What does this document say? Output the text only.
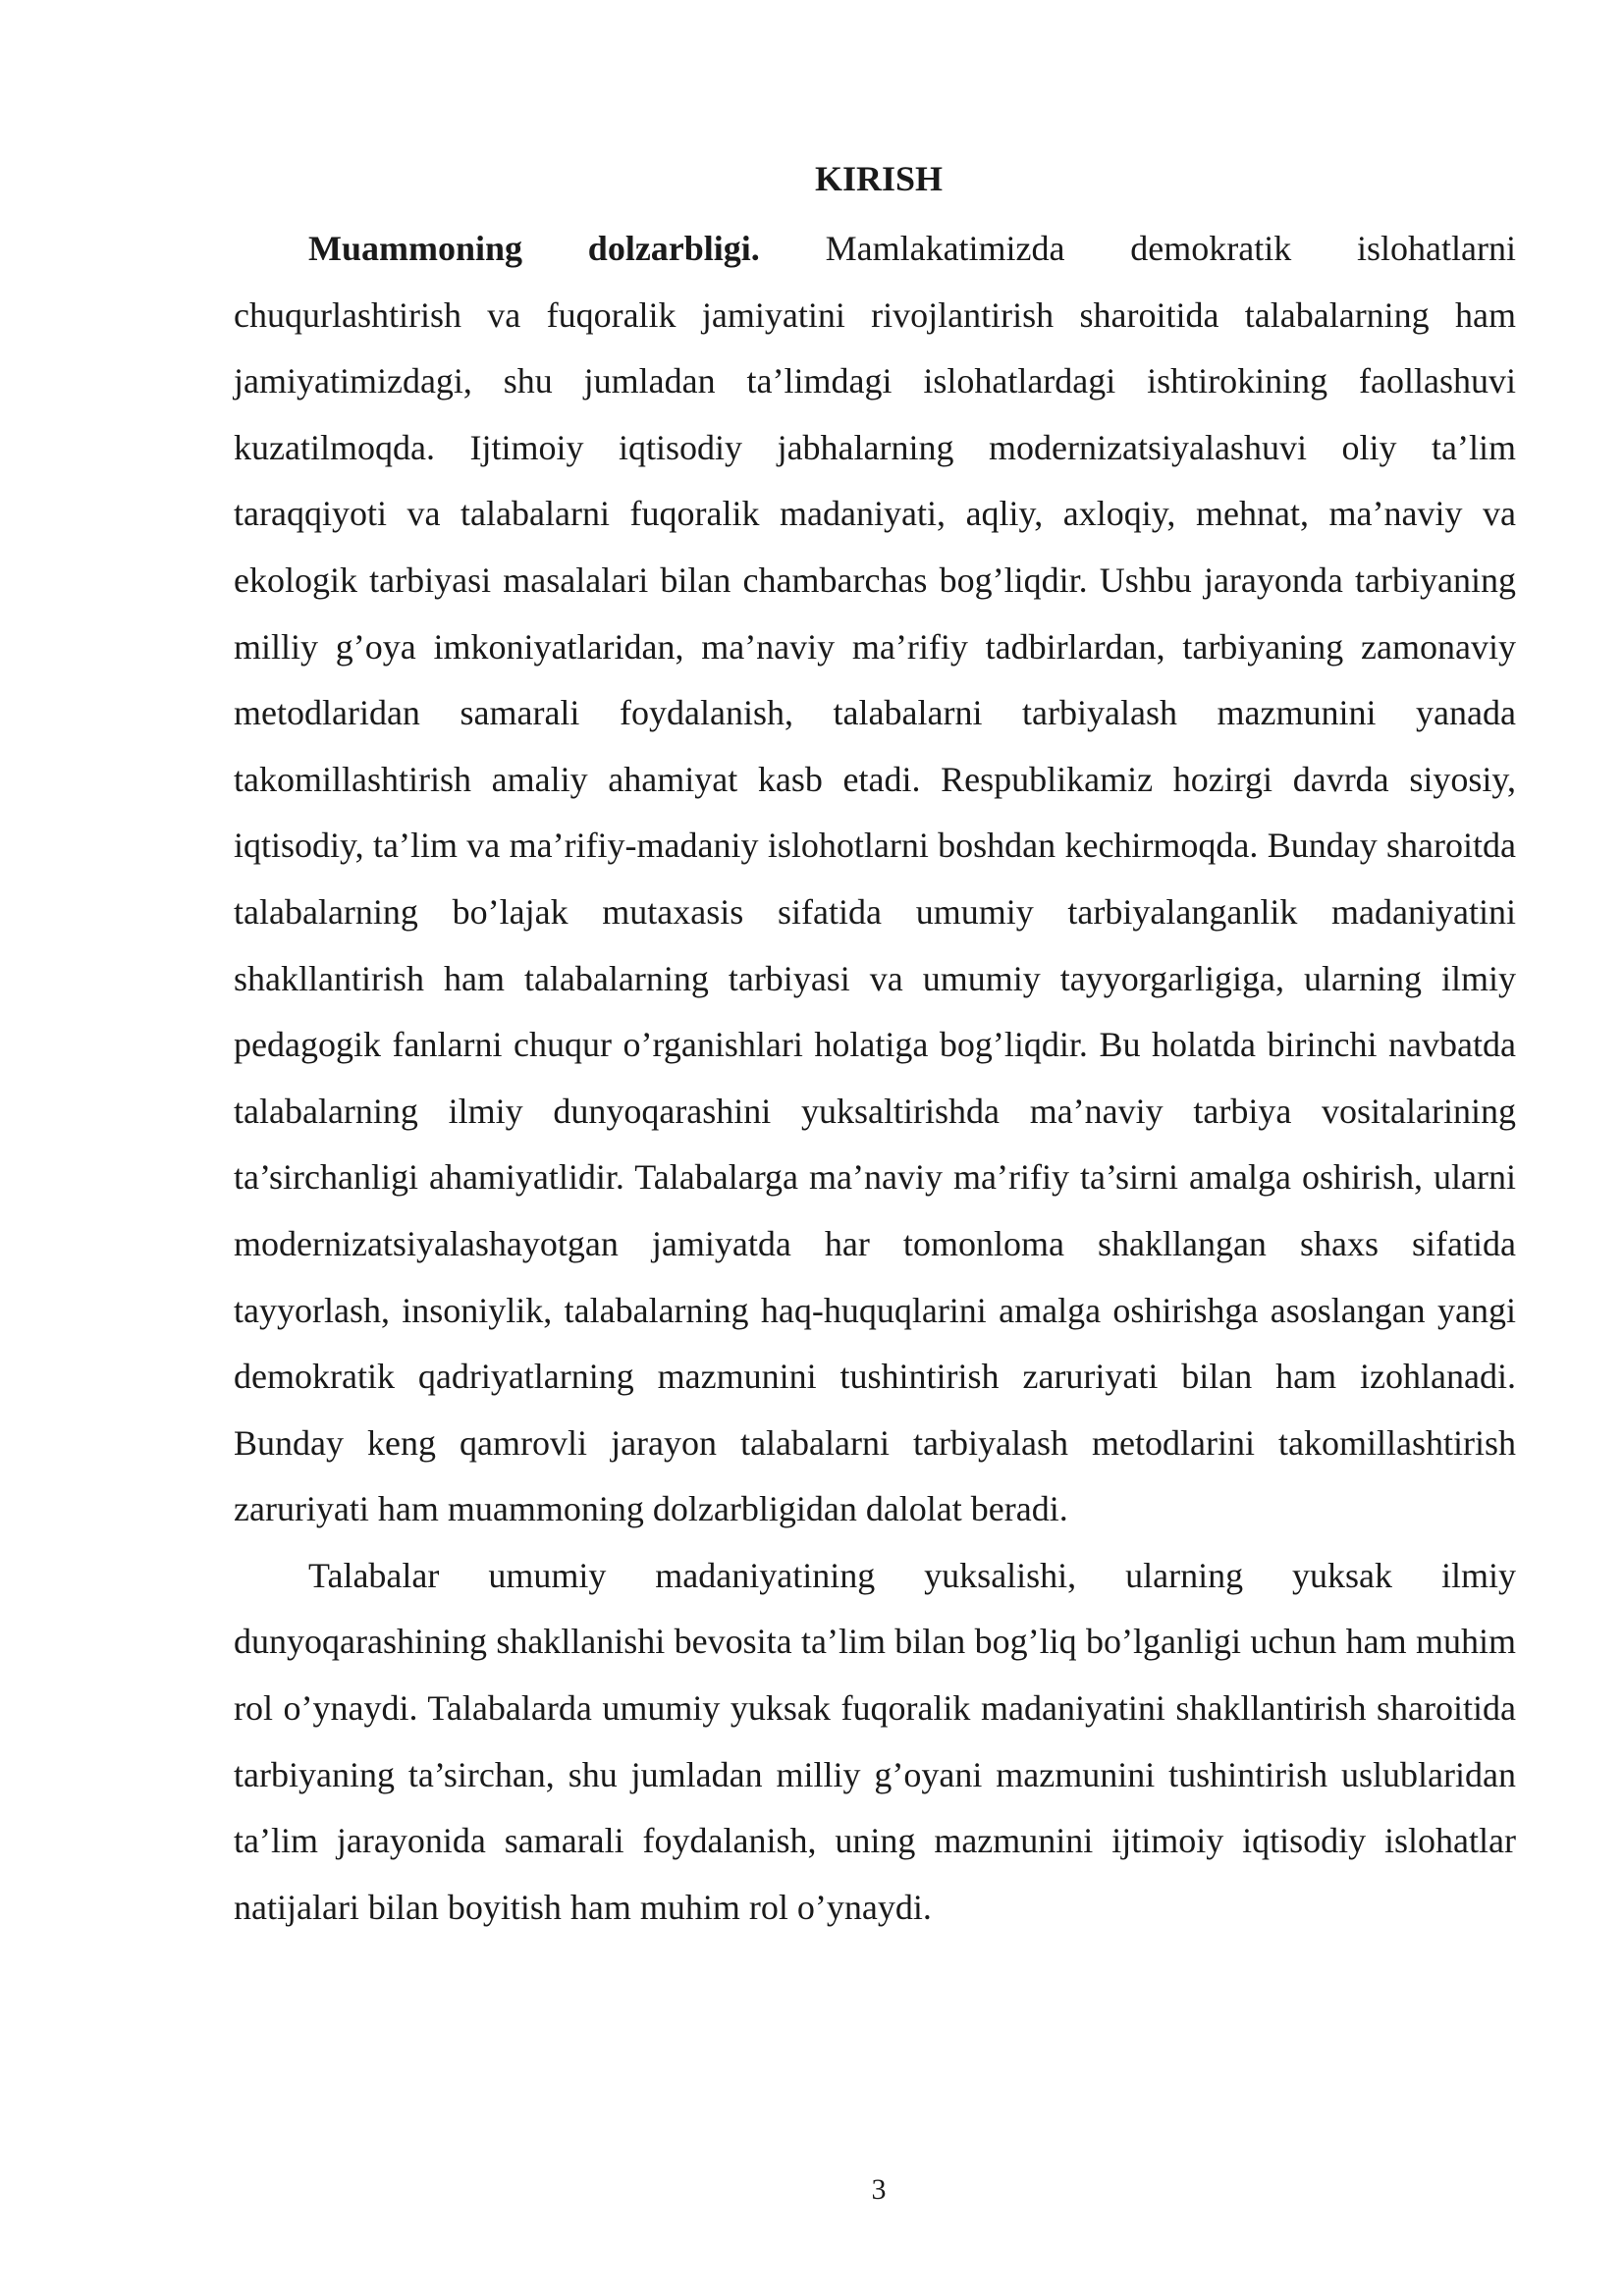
KIRISH

Muammoning dolzarbligi. Mamlakatimizda demokratik islohatlarni chuqurlashtirish va fuqoralik jamiyatini rivojlantirish sharoitida talabalarning ham jamiyatimizdagi, shu jumladan ta’limdagi islohatlardagi ishtirokining faollashuvi kuzatilmoqda. Ijtimoiy iqtisodiy jabhalarning modernizatsiyalashuvi oliy ta’lim taraqqiyoti va talabalarni fuqoralik madaniyati, aqliy, axloqiy, mehnat, ma’naviy va ekologik tarbiyasi masalalari bilan chambarchas bog’liqdir. Ushbu jarayonda tarbiyaning milliy g’oya imkoniyatlaridan, ma’naviy ma’rifiy tadbirlardan, tarbiyaning zamonaviy metodlaridan samarali foydalanish, talabalarni tarbiyalash mazmunini yanada takomillashtirish amaliy ahamiyat kasb etadi. Respublikamiz hozirgi davrda siyosiy, iqtisodiy, ta’lim va ma’rifiy-madaniy islohotlarni boshdan kechirmoqda. Bunday sharoitda talabalarning bo’lajak mutaxasis sifatida umumiy tarbiyalanganlik madaniyatini shakllantirish ham talabalarning tarbiyasi va umumiy tayyorgarligiga, ularning ilmiy pedagogik fanlarni chuqur o’rganishlari holatiga bog’liqdir. Bu holatda birinchi navbatda talabalarning ilmiy dunyoqarashini yuksaltirishda ma’naviy tarbiya vositalarining ta’sirchanligi ahamiyatlidir. Talabalarga ma’naviy ma’rifiy ta’sirni amalga oshirish, ularni modernizatsiyalashayotgan jamiyatda har tomonloma shakllangan shaxs sifatida tayyorlash, insoniylik, talabalarning haq-huquqlarini amalga oshirishga asoslangan yangi demokratik qadriyatlarning mazmunini tushintirish zaruriyati bilan ham izohlanadi. Bunday keng qamrovli jarayon talabalarni tarbiyalash metodlarini takomillashtirish zaruriyati ham muammoning dolzarbligidan dalolat beradi.

Talabalar umumiy madaniyatining yuksalishi, ularning yuksak ilmiy dunyoqarashining shakllanishi bevosita ta’lim bilan bog’liq bo’lganligi uchun ham muhim rol o’ynaydi. Talabalarda umumiy yuksak fuqoralik madaniyatini shakllantirish sharoitida tarbiyaning ta’sirchan, shu jumladan milliy g’oyani mazmunini tushintirish uslublaridan ta’lim jarayonida samarali foydalanish, uning mazmunini ijtimoiy iqtisodiy islohatlar natijalari bilan boyitish ham muhim rol o’ynaydi.

3
